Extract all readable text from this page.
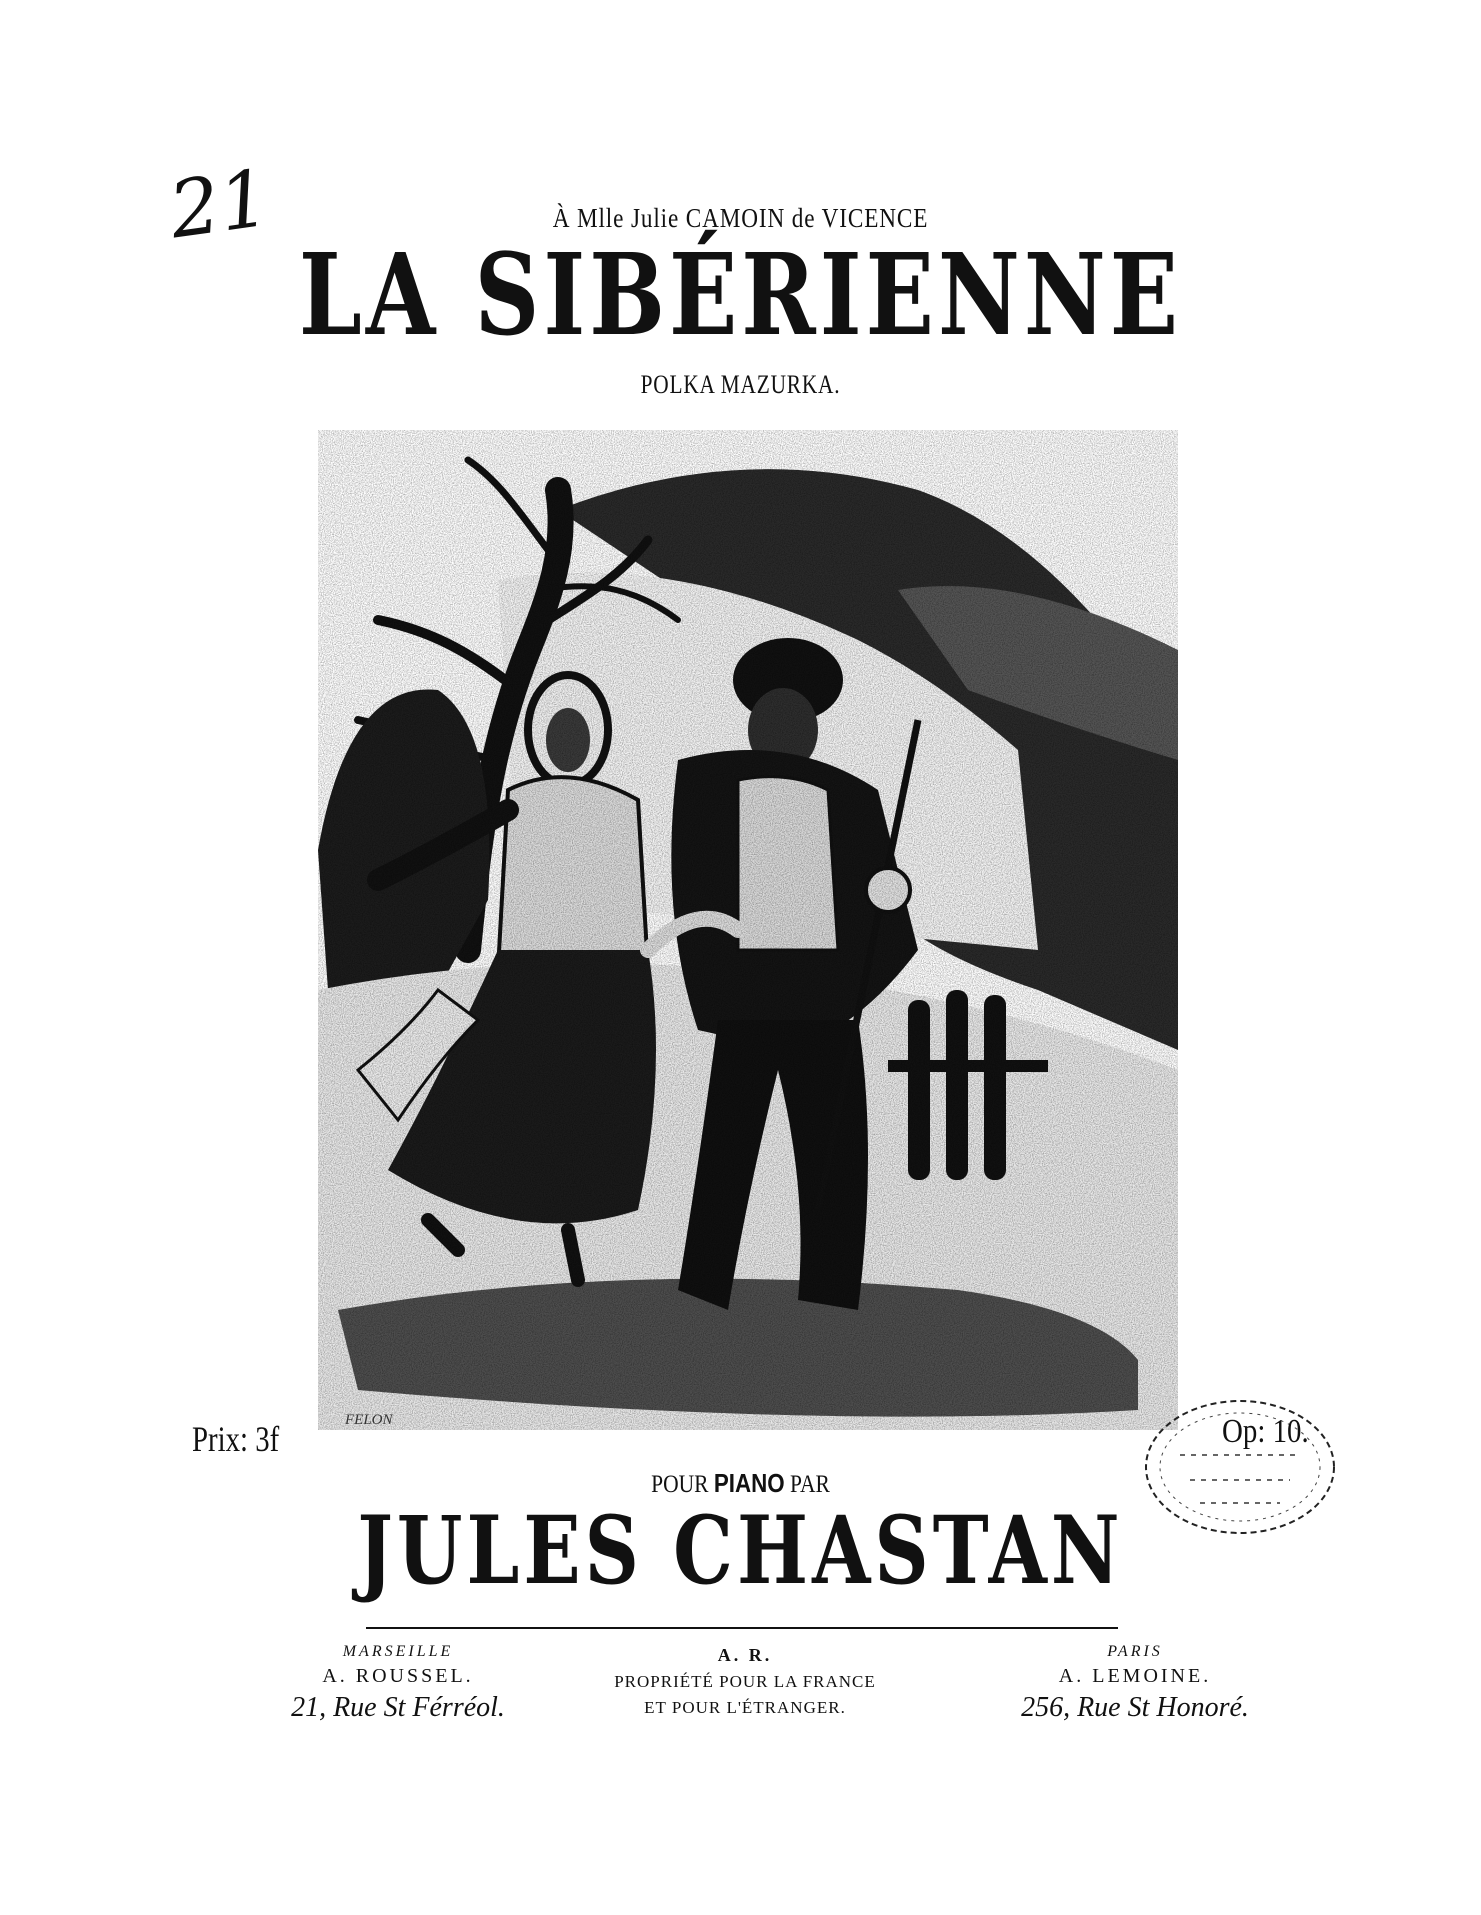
21	À Mlle Julie CAMOIN de VICENCE
LA SIBÉRIENNE
POLKA MAZURKA.
Prix: 3f	FELON	Op: 10.
POUR PIANO PAR
JULES CHASTAN
MARSEILLE
A. ROUSSEL.
21, Rue St Férréol.
A. R.
PROPRIÉTÉ POUR LA FRANCE
ET POUR L'ÉTRANGER.
PARIS
A. LEMOINE.
256, Rue St Honoré.
